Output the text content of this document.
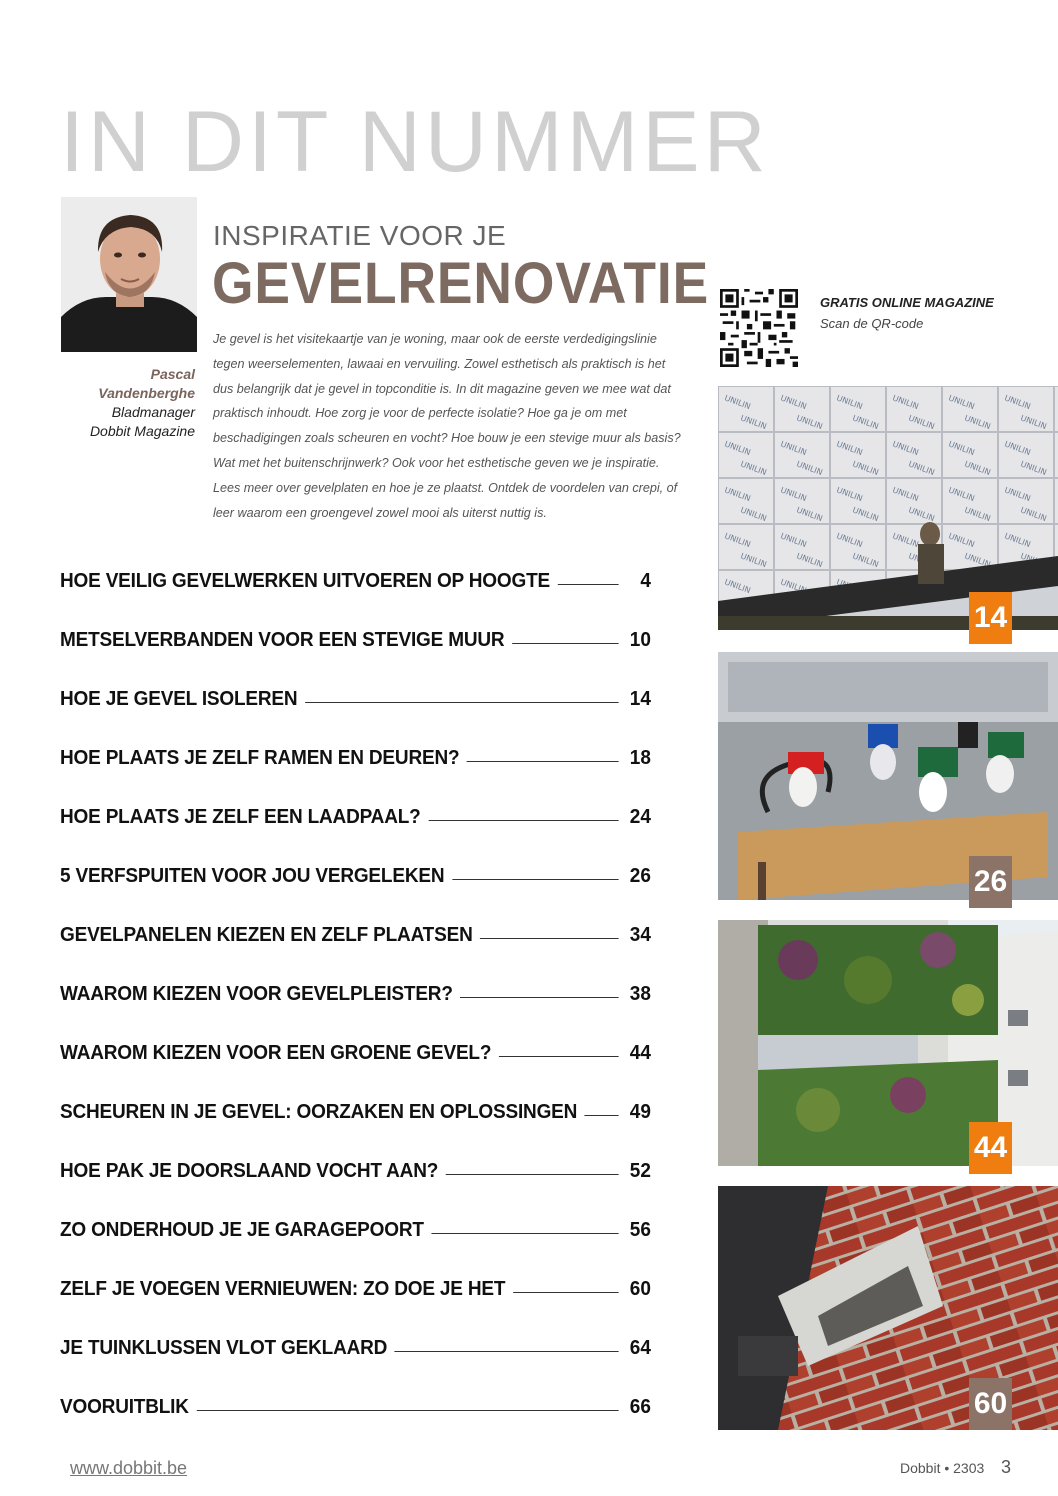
IN DIT NUMMER
Pascal
Vandenberghe
Bladmanager
Dobbit Magazine
INSPIRATIE VOOR JE
GEVELRENOVATIE
Je gevel is het visitekaartje van je woning, maar ook de eerste verdedigingslinie tegen weerselementen, lawaai en vervuiling. Zowel esthetisch als praktisch is het dus belangrijk dat je gevel in topconditie is. In dit magazine geven we mee wat dat praktisch inhoudt. Hoe zorg je voor de perfecte isolatie? Hoe ga je om met beschadigingen zoals scheuren en vocht? Hoe bouw je een stevige muur als basis? Wat met het buitenschrijnwerk? Ook voor het esthetische geven we je inspiratie. Lees meer over gevelplaten en hoe je ze plaatst. Ontdek de voordelen van crepi, of leer waarom een groengevel zowel mooi als uiterst nuttig is.
GRATIS ONLINE MAGAZINE
Scan de QR-code
HOE VEILIG GEVELWERKEN UITVOEREN OP HOOGTE	4
METSELVERBANDEN VOOR EEN STEVIGE MUUR	10
HOE JE GEVEL ISOLEREN	14
HOE PLAATS JE ZELF RAMEN EN DEUREN?	18
HOE PLAATS JE ZELF EEN LAADPAAL?	24
5 VERFSPUITEN VOOR JOU VERGELEKEN	26
GEVELPANELEN KIEZEN EN ZELF PLAATSEN	34
WAAROM KIEZEN VOOR GEVELPLEISTER?	38
WAAROM KIEZEN VOOR EEN GROENE GEVEL?	44
SCHEUREN IN JE GEVEL: OORZAKEN EN OPLOSSINGEN	49
HOE PAK JE DOORSLAAND VOCHT AAN?	52
ZO ONDERHOUD JE JE GARAGEPOORT	56
ZELF JE VOEGEN VERNIEUWEN: ZO DOE JE HET	60
JE TUINKLUSSEN VLOT GEKLAARD	64
VOORUITBLIK	66
14
26
44
60
www.dobbit.be	Dobbit • 2303 3
